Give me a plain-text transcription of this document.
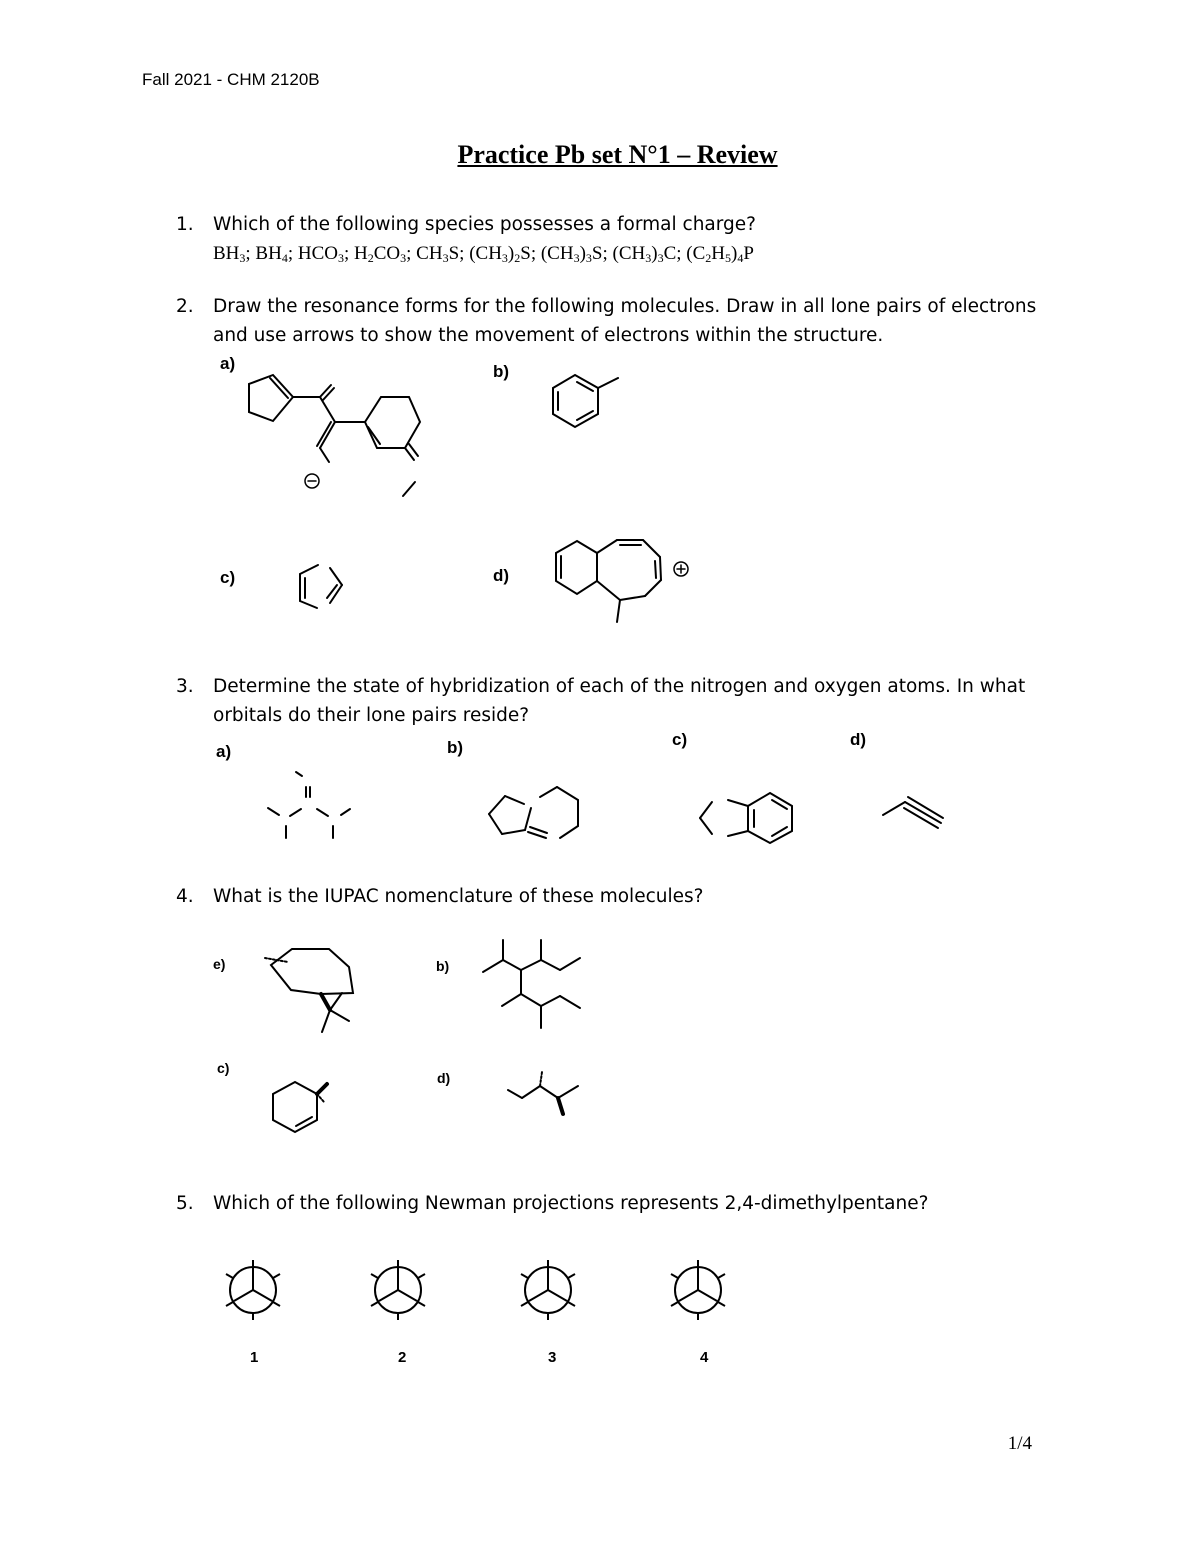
Fall 2021 - CHM 2120B
Practice Pb set N°1 – Review
1. Which of the following species possesses a formal charge?
$BH_3$; $BH_4$; $HCO_3$; $H_2CO_3$; $CH_3S$; $(CH_3)_2S$; $(CH_3)_3S$; $(CH_3)_3C$; $(C_2H_5)_4P$
2. Draw the resonance forms for the following molecules. Draw in all lone pairs of electrons
and use arrows to show the movement of electrons within the structure.
a)	b)
c)	d)
3. Determine the state of hybridization of each of the nitrogen and oxygen atoms. In what
orbitals do their lone pairs reside?
a)	b)	c)	d)
4. What is the IUPAC nomenclature of these molecules?
e)	b)
c)
d)
5. Which of the following Newman projections represents 2,4-dimethylpentane?
1	2	3	4
1/4
